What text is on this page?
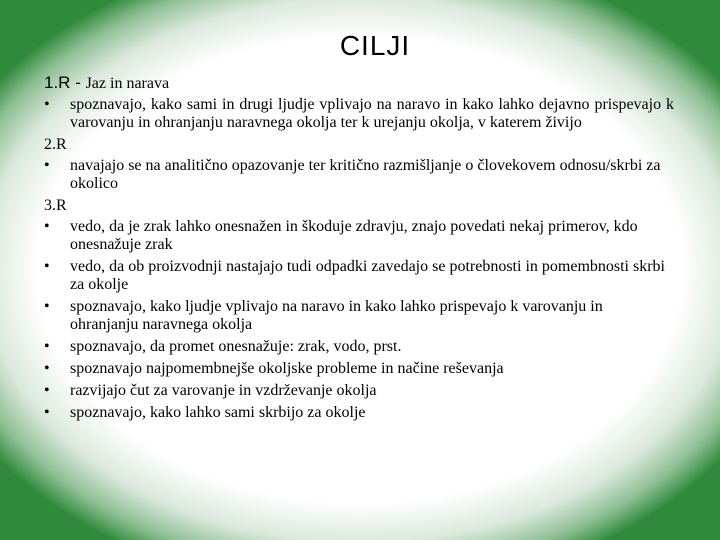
CILJI
1.R - Jaz in narava
• spoznavajo, kako sami in drugi ljudje vplivajo na naravo in kako lahko dejavno prispevajo k varovanju in ohranjanju naravnega okolja ter k urejanju okolja, v katerem živijo
2.R
• navajajo se na analitično opazovanje ter kritično razmišljanje o človekovem odnosu/skrbi za okolico
3.R
• vedo, da je zrak lahko onesnažen in škoduje zdravju, znajo povedati nekaj primerov, kdo onesnažuje zrak
• vedo, da ob proizvodnji nastajajo tudi odpadki zavedajo se potrebnosti in pomembnosti skrbi za okolje
• spoznavajo, kako ljudje vplivajo na naravo in kako lahko prispevajo k varovanju in ohranjanju naravnega okolja
• spoznavajo, da promet onesnažuje: zrak, vodo, prst.
• spoznavajo najpomembnejše okoljske probleme in načine reševanja
• razvijajo čut za varovanje in vzdrževanje okolja
• spoznavajo, kako lahko sami skrbijo za okolje
